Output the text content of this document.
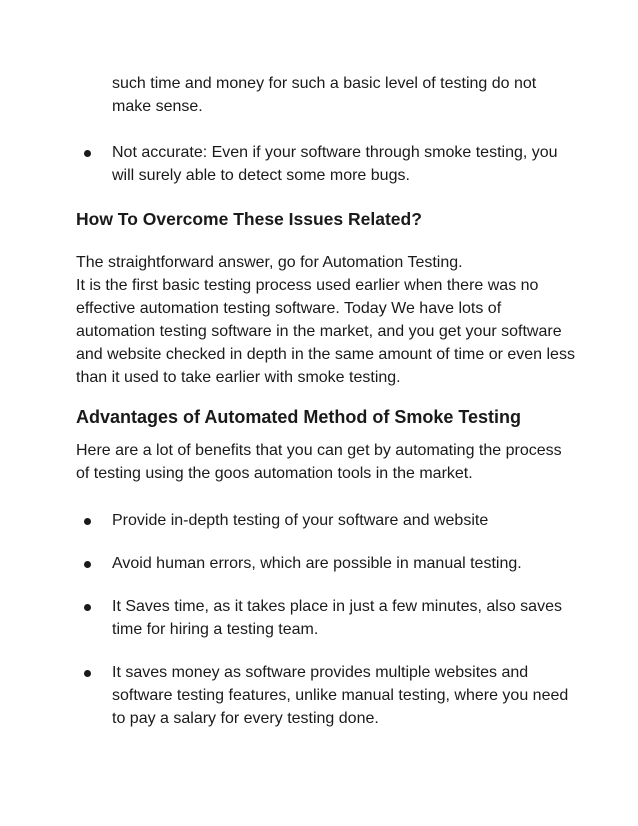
such time and money for such a basic level of testing do not
make sense.

Not accurate: Even if your software through smoke testing, you
will surely able to detect some more bugs.

How To Overcome These Issues Related?

The straightforward answer, go for Automation Testing.
It is the first basic testing process used earlier when there was no
effective automation testing software. Today We have lots of
automation testing software in the market, and you get your software
and website checked in depth in the same amount of time or even less
than it used to take earlier with smoke testing.

Advantages of Automated Method of Smoke Testing

Here are a lot of benefits that you can get by automating the process
of testing using the goos automation tools in the market.

Provide in-depth testing of your software and website

Avoid human errors, which are possible in manual testing.

It Saves time, as it takes place in just a few minutes, also saves
time for hiring a testing team.

It saves money as software provides multiple websites and
software testing features, unlike manual testing, where you need
to pay a salary for every testing done.
